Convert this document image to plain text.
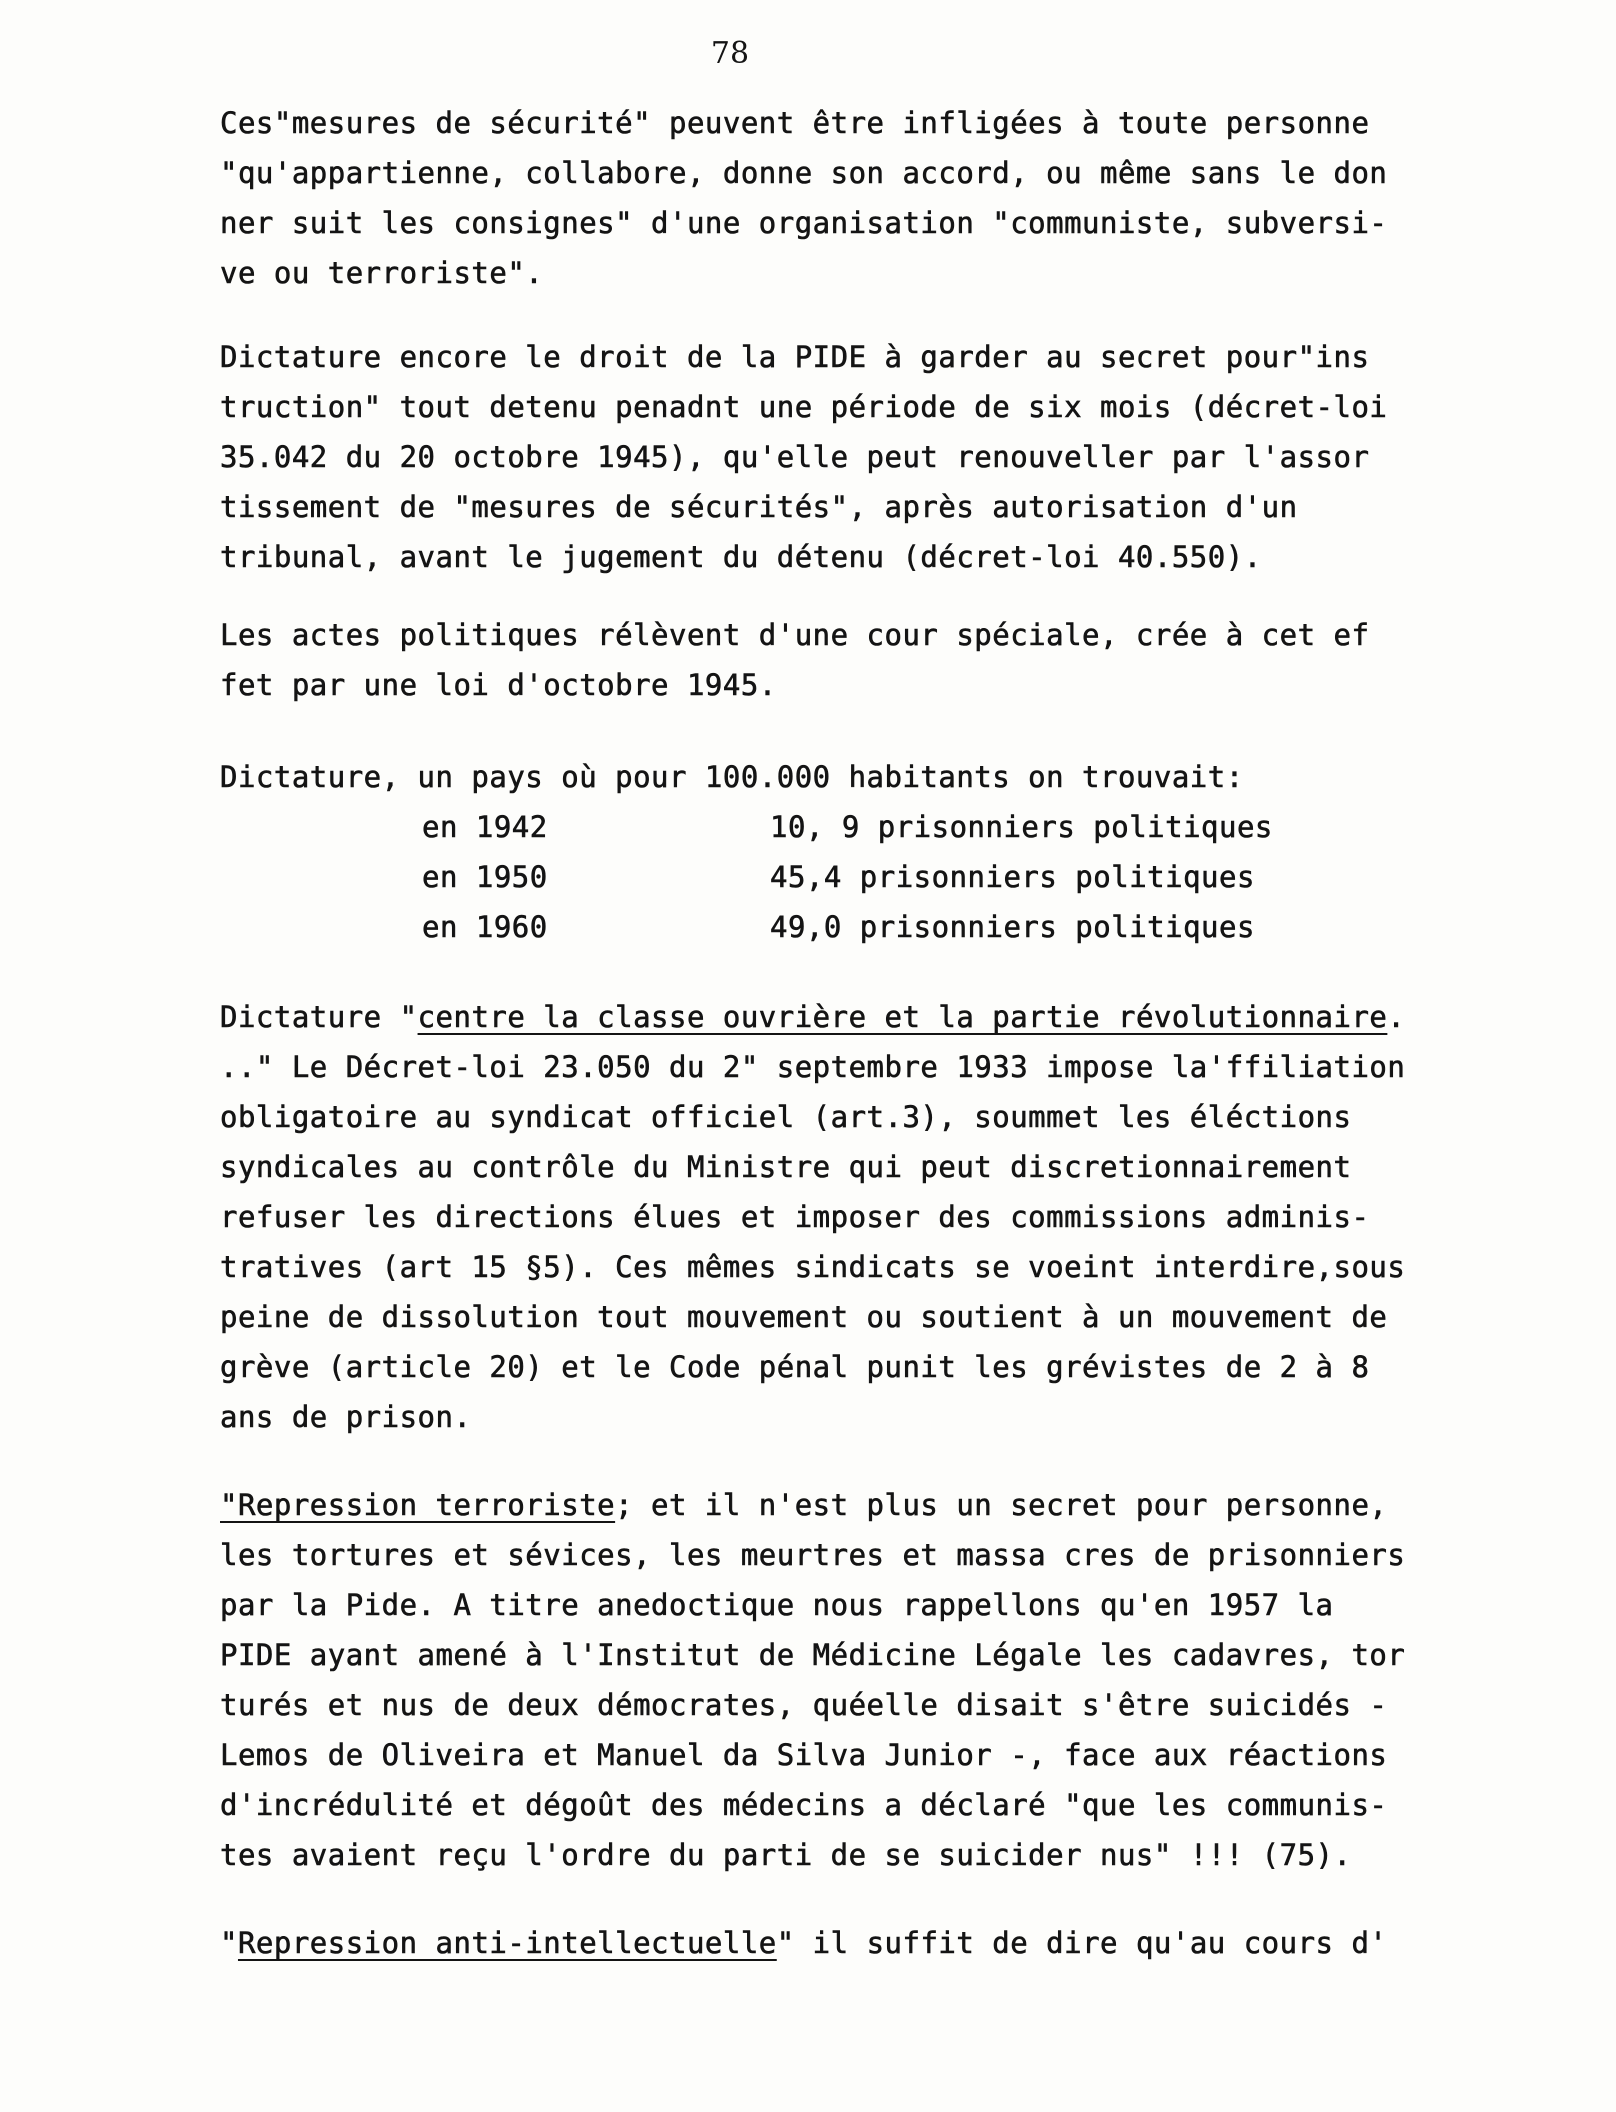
78
Ces"mesures de sécurité" peuvent être infligées à toute personne
"qu'appartienne, collabore, donne son accord, ou même sans le don
ner suit les consignes" d'une organisation "communiste, subversi-
ve ou terroriste".
Dictature encore le droit de la PIDE à garder au secret pour"ins
truction" tout detenu penadnt une période de six mois (décret-loi
35.042 du 20 octobre 1945), qu'elle peut renouveller par l'assor
tissement de "mesures de sécurités", après autorisation d'un
tribunal, avant le jugement du détenu (décret-loi 40.550).
Les actes politiques rélèvent d'une cour spéciale, crée à cet ef
fet par une loi d'octobre 1945.
Dictature, un pays où pour 100.000 habitants on trouvait:
en 1942	10, 9 prisonniers politiques
en 1950	45,4 prisonniers politiques
en 1960	49,0 prisonniers politiques
Dictature "centre la classe ouvrière et la partie révolutionnaire.
.." Le Décret-loi 23.050 du 2" septembre 1933 impose la'ffiliation
obligatoire au syndicat officiel (art.3), soummet les éléctions
syndicales au contrôle du Ministre qui peut discretionnairement
refuser les directions élues et imposer des commissions adminis-
tratives (art 15 §5). Ces mêmes sindicats se voeint interdire,sous
peine de dissolution tout mouvement ou soutient à un mouvement de
grève (article 20) et le Code pénal punit les grévistes de 2 à 8
ans de prison.
"Repression terroriste; et il n'est plus un secret pour personne,
les tortures et sévices, les meurtres et massa cres de prisonniers
par la Pide. A titre anedoctique nous rappellons qu'en 1957 la
PIDE ayant amené à l'Institut de Médicine Légale les cadavres, tor
turés et nus de deux démocrates, quéelle disait s'être suicidés -
Lemos de Oliveira et Manuel da Silva Junior -, face aux réactions
d'incrédulité et dégoût des médecins a déclaré "que les communis-
tes avaient reçu l'ordre du parti de se suicider nus" !!! (75).
"Repression anti-intellectuelle" il suffit de dire qu'au cours d'
